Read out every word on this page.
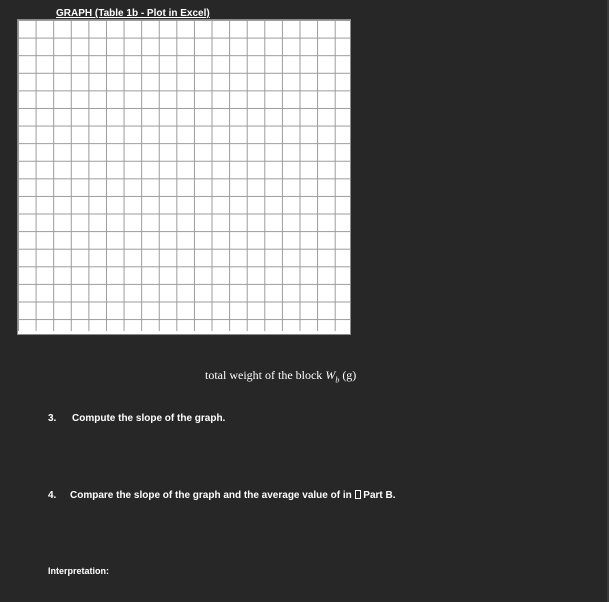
GRAPH (Table 1b - Plot in Excel)
total weight of the block $W_b$ (g)
3. Compute the slope of the graph.
4. Compare the slope of the graph and the average value of in  Part B.
Interpretation:
